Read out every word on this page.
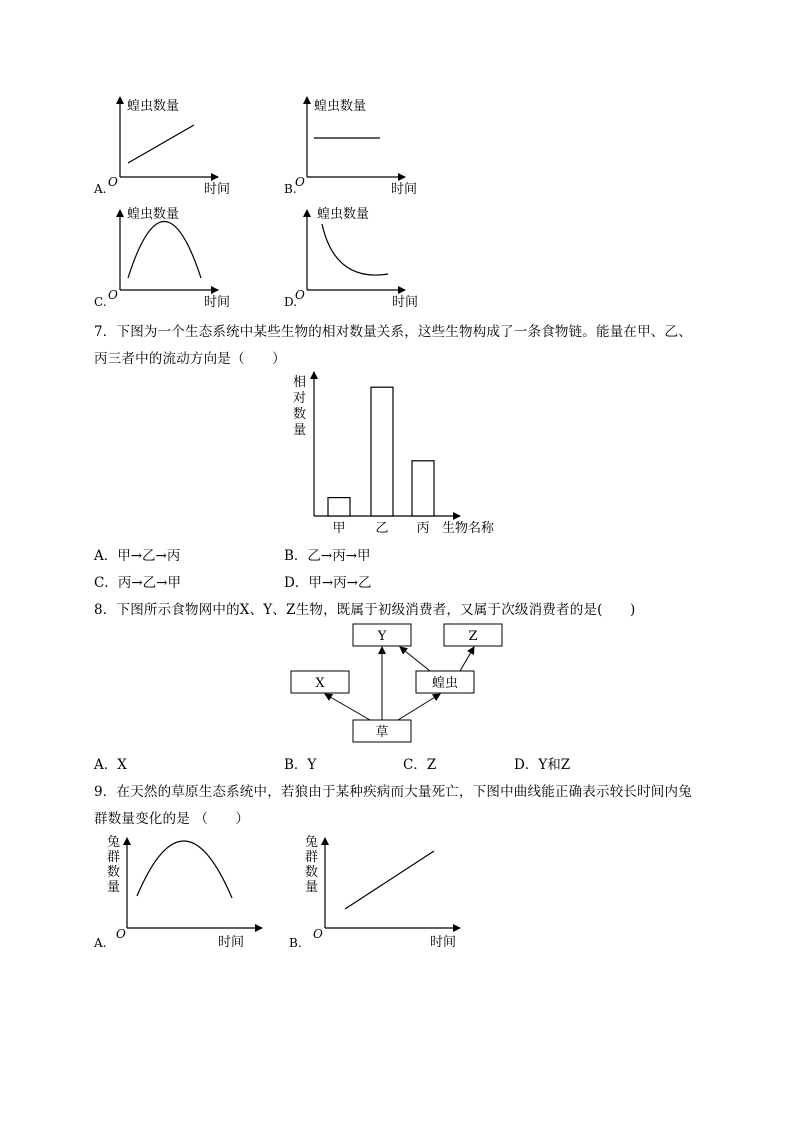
蝗虫数量
时间
O
A.
蝗虫数量
时间
O
B.
蝗虫数量
时间
O
C.
蝗虫数量
时间
O
D.
7．下图为一个生态系统中某些生物的相对数量关系，这些生物构成了一条食物链。能量在甲、乙、
丙三者中的流动方向是（　　）
相
对
数
量
甲 乙 丙 生物名称
A．甲→乙→丙	B．乙→丙→甲
C．丙→乙→甲	D．甲→丙→乙
8．下图所示食物网中的X、Y、Z生物，既属于初级消费者，又属于次级消费者的是(　　)
Y	Z
X	蝗虫
草
A．X	B．Y	C．Z	D．Y和Z
9．在天然的草原生态系统中，若狼由于某种疾病而大量死亡，下图中曲线能正确表示较长时间内兔
群数量变化的是 （　　）
兔
群
数
量
时间
O
A.
兔
群
数
量
时间
O
B.
